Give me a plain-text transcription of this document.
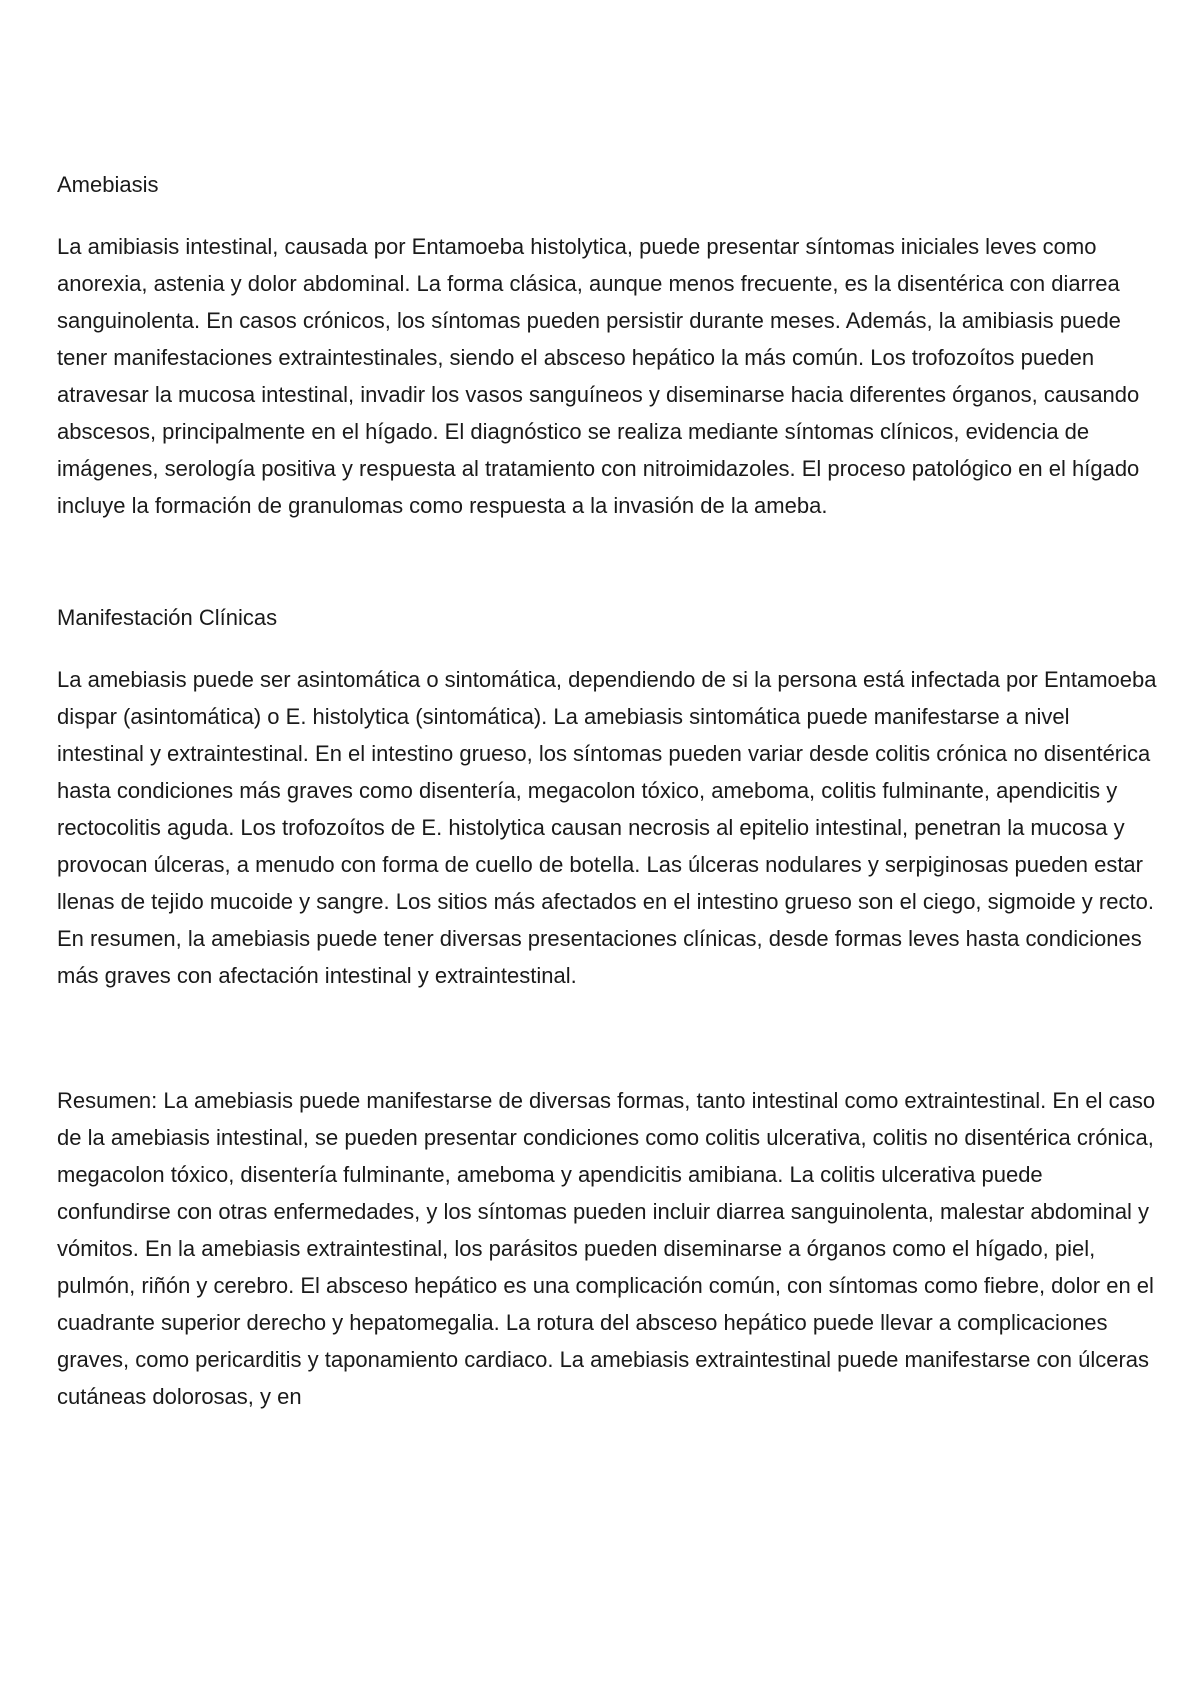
Amebiasis

La amibiasis intestinal, causada por Entamoeba histolytica, puede presentar síntomas iniciales leves como anorexia, astenia y dolor abdominal. La forma clásica, aunque menos frecuente, es la disentérica con diarrea sanguinolenta. En casos crónicos, los síntomas pueden persistir durante meses. Además, la amibiasis puede tener manifestaciones extraintestinales, siendo el absceso hepático la más común. Los trofozoítos pueden atravesar la mucosa intestinal, invadir los vasos sanguíneos y diseminarse hacia diferentes órganos, causando abscesos, principalmente en el hígado. El diagnóstico se realiza mediante síntomas clínicos, evidencia de imágenes, serología positiva y respuesta al tratamiento con nitroimidazoles. El proceso patológico en el hígado incluye la formación de granulomas como respuesta a la invasión de la ameba.

Manifestación Clínicas

La amebiasis puede ser asintomática o sintomática, dependiendo de si la persona está infectada por Entamoeba dispar (asintomática) o E. histolytica (sintomática). La amebiasis sintomática puede manifestarse a nivel intestinal y extraintestinal. En el intestino grueso, los síntomas pueden variar desde colitis crónica no disentérica hasta condiciones más graves como disentería, megacolon tóxico, ameboma, colitis fulminante, apendicitis y rectocolitis aguda. Los trofozoítos de E. histolytica causan necrosis al epitelio intestinal, penetran la mucosa y provocan úlceras, a menudo con forma de cuello de botella. Las úlceras nodulares y serpiginosas pueden estar llenas de tejido mucoide y sangre. Los sitios más afectados en el intestino grueso son el ciego, sigmoide y recto. En resumen, la amebiasis puede tener diversas presentaciones clínicas, desde formas leves hasta condiciones más graves con afectación intestinal y extraintestinal.

Resumen: La amebiasis puede manifestarse de diversas formas, tanto intestinal como extraintestinal. En el caso de la amebiasis intestinal, se pueden presentar condiciones como colitis ulcerativa, colitis no disentérica crónica, megacolon tóxico, disentería fulminante, ameboma y apendicitis amibiana. La colitis ulcerativa puede confundirse con otras enfermedades, y los síntomas pueden incluir diarrea sanguinolenta, malestar abdominal y vómitos. En la amebiasis extraintestinal, los parásitos pueden diseminarse a órganos como el hígado, piel, pulmón, riñón y cerebro. El absceso hepático es una complicación común, con síntomas como fiebre, dolor en el cuadrante superior derecho y hepatomegalia. La rotura del absceso hepático puede llevar a complicaciones graves, como pericarditis y taponamiento cardiaco. La amebiasis extraintestinal puede manifestarse con úlceras cutáneas dolorosas, y en
